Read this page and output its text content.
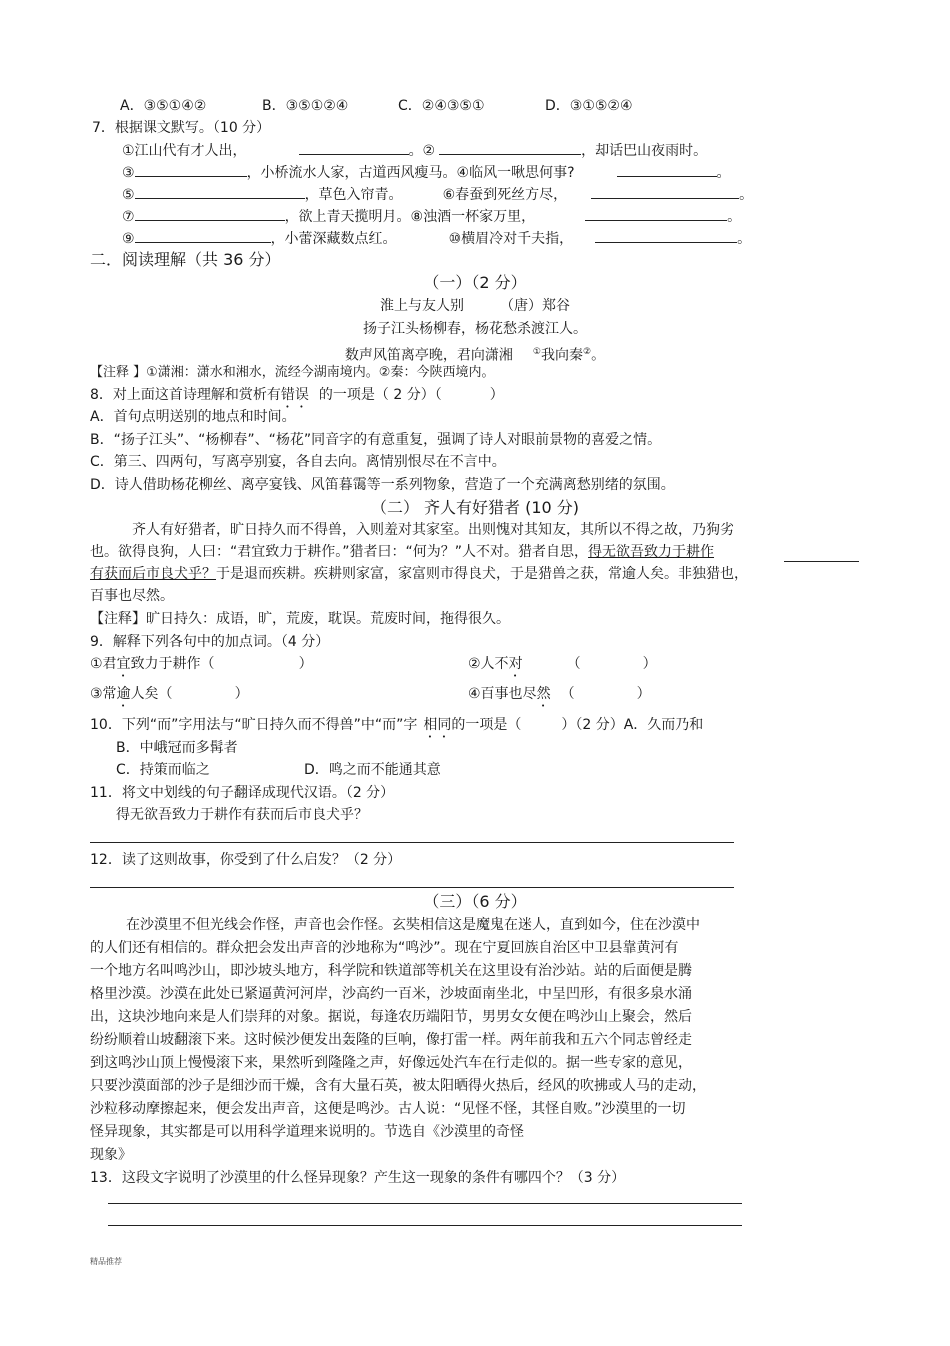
A．③⑤①④②	B．③⑤①②④	C．②④③⑤①	D．③①⑤②④
7．根据课文默写。（10 分）
①江山代有才人出，	。②	，却话巴山夜雨时。
③	，小桥流水人家，古道西风瘦马。④临风一啾思何事?	。
⑤	，草色入帘青。	⑥春蚕到死丝方尽，	。
⑦	，欲上青天揽明月。⑧浊酒一杯家万里，	。
⑨	，小蕾深藏数点红。	⑩横眉冷对千夫指，	。
二．阅读理解（共 36 分）
（一）（2 分）
淮上与友人别	（唐）郑谷
扬子江头杨柳春，杨花愁杀渡江人。
数声风笛离亭晚，君向潇湘 ①我向秦②。
【注释 】①潇湘：潇水和湘水，流经今湖南境内。②秦：今陕西境内。
8．对上面这首诗理解和赏析有错误 的一项是（ 2 分）（	）
A．首句点明送别的地点和时间。
B．“扬子江头”、“杨柳春”、“杨花”同音字的有意重复，强调了诗人对眼前景物的喜爱之情。
C．第三、四两句，写离亭别宴，各自去向。离情别恨尽在不言中。
D．诗人借助杨花柳丝、离亭宴钱、风笛暮霭等一系列物象，营造了一个充满离愁别绪的氛围。
（二） 齐人有好猎者 (10 分)
齐人有好猎者，旷日持久而不得兽，入则羞对其家室。出则愧对其知友，其所以不得之故，乃狗劣
也。欲得良狗，人曰：“君宜致力于耕作。”猎者曰：“何为？”人不对。猎者自思，得无欲吾致力于耕作
有获而后市良犬乎？于是退而疾耕。疾耕则家富，家富则市得良犬，于是猎兽之获，常逾人矣。非独猎也，
百事也尽然。
【注释】旷日持久：成语，旷，荒废，耽误。荒废时间，拖得很久。
9．解释下列各句中的加点词。（4 分）
①君宜致力于耕作（	）	②人不对	（	）
③常逾人矣（	）	④百事也尽然 （	）
10．下列“而”字用法与“旷日持久而不得兽”中“而”字 相同的一项是（	）（2 分）A．久而乃和
B．中峨冠而多髯者
C．持策而临之	D．鸣之而不能通其意
11．将文中划线的句子翻译成现代汉语。（2 分）
得无欲吾致力于耕作有获而后市良犬乎？
12．读了这则故事，你受到了什么启发？（2 分）
（三）（6 分）
在沙漠里不但光线会作怪，声音也会作怪。玄奘相信这是魔鬼在迷人，直到如今，住在沙漠中
的人们还有相信的。群众把会发出声音的沙地称为“鸣沙”。现在宁夏回族自治区中卫县靠黄河有
一个地方名叫鸣沙山，即沙坡头地方，科学院和铁道部等机关在这里设有治沙站。站的后面便是腾
格里沙漠。沙漠在此处已紧逼黄河河岸，沙高约一百米，沙坡面南坐北，中呈凹形，有很多泉水涌
出，这块沙地向来是人们崇拜的对象。据说，每逢农历端阳节，男男女女便在鸣沙山上聚会，然后
纷纷顺着山坡翻滚下来。这时候沙便发出轰隆的巨响，像打雷一样。两年前我和五六个同志曾经走
到这鸣沙山顶上慢慢滚下来，果然听到隆隆之声，好像远处汽车在行走似的。据一些专家的意见，
只要沙漠面部的沙子是细沙而干燥，含有大量石英，被太阳晒得火热后，经风的吹拂或人马的走动，
沙粒移动摩擦起来，便会发出声音，这便是鸣沙。古人说：“见怪不怪，其怪自败。”沙漠里的一切
怪异现象，其实都是可以用科学道理来说明的。节选自《沙漠里的奇怪
现象》
13．这段文字说明了沙漠里的什么怪异现象？产生这一现象的条件有哪四个？（3 分）
精品推荐
